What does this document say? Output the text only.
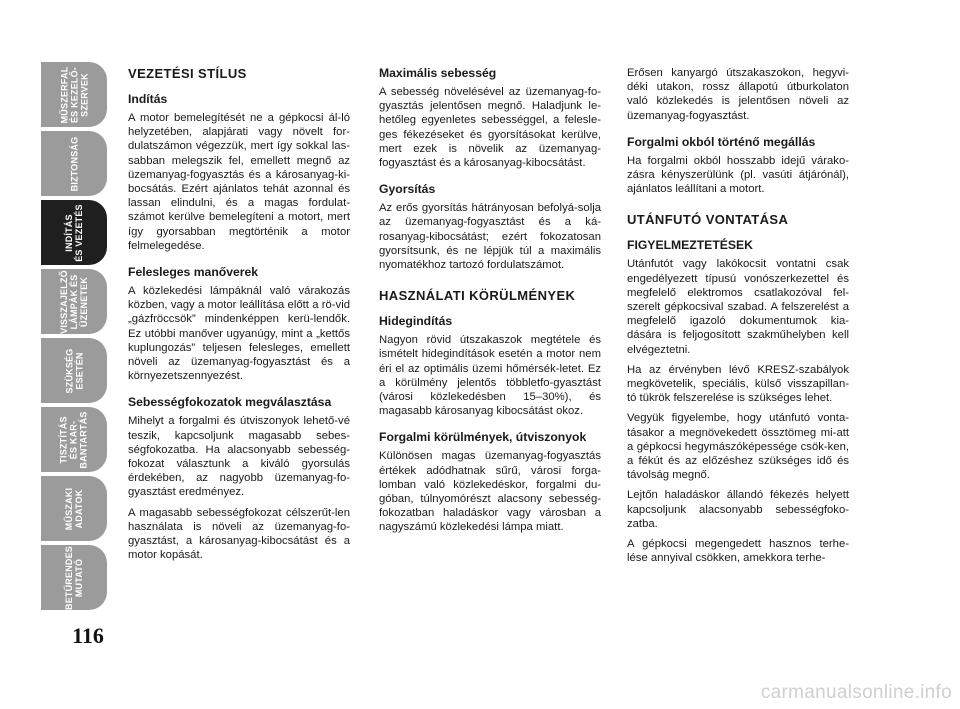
MŰSZERFAL
ÉS KEZELŐ-
SZERVEK
BIZTONSÁG
INDÍTÁS
ÉS VEZETÉS
VISSZAJELZŐ
LÁMPÁK ÉS
ÜZENETEK
SZÜKSÉG
ESETÉN
TISZTÍTÁS
ÉS KAR-
BANTARTÁS
MŰSZAKI
ADATOK
BETŰRENDES
MUTATÓ
116
VEZETÉSI STÍLUS
Indítás

A motor bemelegítését ne a gépkocsi ál-ló helyzetében, alapjárati vagy növelt for-dulatszámon végezzük, mert így sokkal las-sabban melegszik fel, emellett megnő az üzemanyag-fogyasztás és a károsanyag-ki-bocsátás. Ezért ajánlatos tehát azonnal és lassan elindulni, és a magas fordulat-számot kerülve bemelegíteni a motort, mert így gyorsabban megtörténik a motor felmelegedése.

Felesleges manőverek

A közlekedési lámpáknál való várakozás közben, vagy a motor leállítása előtt a rö-vid „gázfröccsök” mindenképpen kerü-lendők. Ez utóbbi manőver ugyanúgy, mint a „kettős kuplungozás” teljesen felesleges, emellett növeli az üzemanyag-fogyasztást és a környezetszennyezést.

Sebességfokozatok megválasztása

Mihelyt a forgalmi és útviszonyok lehető-vé teszik, kapcsoljunk magasabb sebes-ségfokozatba. Ha alacsonyabb sebesség-fokozat választunk a kiváló gyorsulás érdekében, az nagyobb üzemanyag-fo-gyasztást eredményez.

A magasabb sebességfokozat célszerűt-len használata is növeli az üzemanyag-fo-gyasztást, a károsanyag-kibocsátást és a motor kopását.

Maximális sebesség

A sebesség növelésével az üzemanyag-fo-gyasztás jelentősen megnő. Haladjunk le-hetőleg egyenletes sebességgel, a feleslе-ges fékezéseket és gyorsításokat kerülve, mert ezek is növelik az üzemanyag-fogyasztást és a károsanyag-kibocsátást.

Gyorsítás

Az erős gyorsítás hátrányosan befolyá-solja az üzemanyag-fogyasztást és a ká-rosanyag-kibocsátást; ezért fokozatosan gyorsítsunk, és ne lépjük túl a maximális nyomatékhoz tartozó fordulatszámot.

HASZNÁLATI KÖRÜLMÉNYEK
Hidegindítás

Nagyon rövid útszakaszok megtétele és ismételt hidegindítások esetén a motor nem éri el az optimális üzemi hőmérsék-letet. Ez a körülmény jelentős többletfo-gyasztást (városi közlekedésben 15–30%), és magasabb károsanyag kibocsátást okoz.

Forgalmi körülmények, útviszonyok

Különösen magas üzemanyag-fogyasztás értékek adódhatnak sűrű, városi forga-lomban való közlekedéskor, forgalmi du-góban, túlnyomórészt alacsony sebesség-fokozatban haladáskor vagy városban a nagyszámú közlekedési lámpa miatt.

Erősen kanyargó útszakaszokon, hegyvi-déki utakon, rossz állapotú útburkolaton való közlekedés is jelentősen növeli az üzemanyag-fogyasztást.

Forgalmi okból történő megállás

Ha forgalmi okból hosszabb idejű várako-zásra kényszerülünk (pl. vasúti átjárónál), ajánlatos leállítani a motort.

UTÁNFUTÓ VONTATÁSA
FIGYELMEZTETÉSEK

Utánfutót vagy lakókocsit vontatni csak engedélyezett típusú vonószerkezettel és megfelelő elektromos csatlakozóval fel-szerelt gépkocsival szabad. A felszerelést a megfelelő igazoló dokumentumok kia-dására is feljogosított szakműhelyben kell elvégeztetni.

Ha az érvényben lévő KRESZ-szabályok megkövetelik, speciális, külső visszapillan-tó tükrök felszerelése is szükséges lehet.

Vegyük figyelembe, hogy utánfutó vonta-tásakor a megnövekedett össztömeg mi-att a gépkocsi hegymászóképessége csök-ken, a fékút és az előzéshez szükséges idő és távolság megnő.

Lejtőn haladáskor állandó fékezés helyett kapcsoljunk alacsonyabb sebességfoko-zatba.

A gépkocsi megengedett hasznos terhe-lése annyival csökken, amekkora terhe-

carmanualsonline.info
